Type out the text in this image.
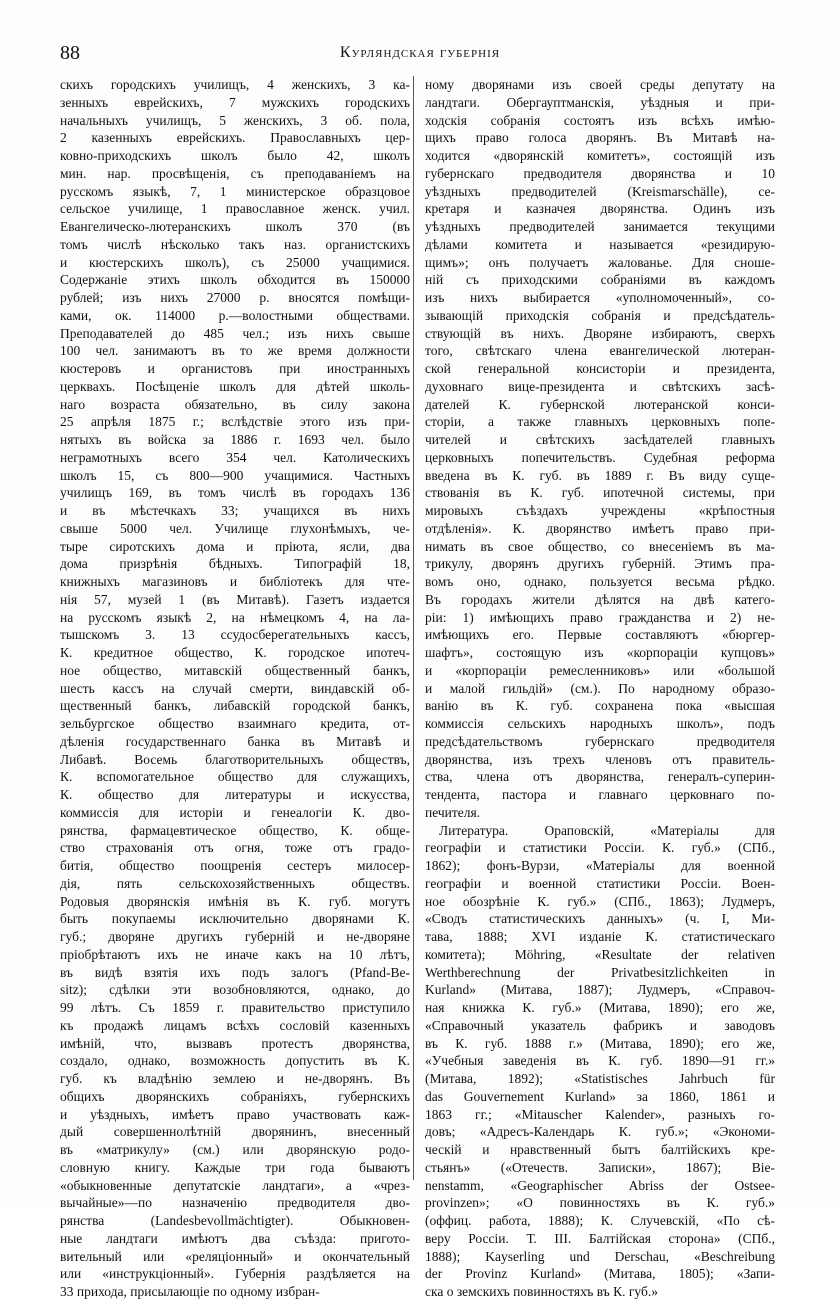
88	Курляндская губернія
скихъ городскихъ училищъ, 4 женскихъ, 3 ка-
зенныхъ еврейскихъ, 7 мужскихъ городскихъ
начальныхъ училищъ, 5 женскихъ, 3 об. пола,
2 казенныхъ еврейскихъ. Православныхъ цер-
ковно-приходскихъ школъ было 42, школъ
мин. нар. просвѣщенія, съ преподаваніемъ на
русскомъ языкѣ, 7, 1 министерское образцовое
сельское училище, 1 православное женск. учил.
Евангелическо-лютеранскихъ школъ 370 (въ
томъ числѣ нѣсколько такъ наз. органистскихъ
и кюстерскихъ школъ), съ 25000 учащимися.
Содержаніе этихъ школъ обходится въ 150000
рублей; изъ нихъ 27000 р. вносятся помѣщи-
ками, ок. 114000 р.—волостными обществами.
Преподавателей до 485 чел.; изъ нихъ свыше
100 чел. занимаютъ въ то же время должности
кюстеровъ и органистовъ при иностранныхъ
церквахъ. Посѣщеніе школъ для дѣтей школь-
наго возраста обязательно, въ силу закона
25 апрѣля 1875 г.; вслѣдствіе этого изъ при-
нятыхъ въ войска за 1886 г. 1693 чел. было
неграмотныхъ всего 354 чел. Католическихъ
школъ 15, съ 800—900 учащимися. Частныхъ
училищъ 169, въ томъ числѣ въ городахъ 136
и въ мѣстечкахъ 33; учащихся въ нихъ
свыше 5000 чел. Училище глухонѣмыхъ, че-
тыре сиротскихъ дома и пріюта, ясли, два
дома призрѣнія бѣдныхъ. Типографій 18,
книжныхъ магазиновъ и библіотекъ для чте-
нія 57, музей 1 (въ Митавѣ). Газетъ издается
на русскомъ языкѣ 2, на нѣмецкомъ 4, на ла-
тышскомъ 3. 13 ссудосберегательныхъ кассъ,
К. кредитное общество, К. городское ипотеч-
ное общество, митавскій общественный банкъ,
шесть кассъ на случай смерти, виндавскій об-
щественный банкъ, либавскій городской банкъ,
зельбургское общество взаимнаго кредита, от-
дѣленія государственнаго банка въ Митавѣ и
Либавѣ. Восемь благотворительныхъ обществъ,
К. вспомогательное общество для служащихъ,
К. общество для литературы и искусства,
коммиссія для исторіи и генеалогіи К. дво-
рянства, фармацевтическое общество, К. обще-
ство страхованія отъ огня, тоже отъ градо-
битія, общество поощренія сестеръ милосер-
дія, пять сельскохозяйственныхъ обществъ.
Родовыя дворянскія имѣнія въ К. губ. могутъ
быть покупаемы исключительно дворянами К.
губ.; дворяне другихъ губерній и не-дворяне
пріобрѣтаютъ ихъ не иначе какъ на 10 лѣтъ,
въ видѣ взятія ихъ подъ залогъ (Pfand-Be-
sitz); сдѣлки эти возобновляются, однако, до
99 лѣтъ. Съ 1859 г. правительство приступило
къ продажѣ лицамъ всѣхъ сословій казенныхъ
имѣній, что, вызвавъ протестъ дворянства,
создало, однако, возможность допустить въ К.
губ. къ владѣнію землею и не-дворянъ. Въ
общихъ дворянскихъ собраніяхъ, губернскихъ
и уѣздныхъ, имѣетъ право участвовать каж-
дый совершеннолѣтній дворянинъ, внесенный
въ «матрикулу» (см.) или дворянскую родо-
словную книгу. Каждые три года бываютъ
«обыкновенные депутатскіе ландтаги», а «чрез-
вычайные»—по назначенію предводителя дво-
рянства (Landesbevollmächtigter). Обыкновен-
ные ландтаги имѣютъ два съѣзда: пригото-
вительный или «реляціонный» и окончательный
или «инструкціонный». Губернія раздѣляется на
33 прихода, присылающіе по одному избран-
ному дворянами изъ своей среды депутату на
ландтаги. Обергауптманскія, уѣздныя и при-
ходскія собранія состоятъ изъ всѣхъ имѣю-
щихъ право голоса дворянъ. Въ Митавѣ на-
ходится «дворянскій комитетъ», состоящій изъ
губернскаго предводителя дворянства и 10
уѣздныхъ предводителей (Kreismarschälle), се-
кретаря и казначея дворянства. Одинъ изъ
уѣздныхъ предводителей занимается текущими
дѣлами комитета и называется «резидирую-
щимъ»; онъ получаетъ жалованье. Для сноше-
ній съ приходскими собраніями въ каждомъ
изъ нихъ выбирается «уполномоченный», со-
зывающій приходскія собранія и предсѣдатель-
ствующій въ нихъ. Дворяне избираютъ, сверхъ
того, свѣтскаго члена евангелической лютеран-
ской генеральной консисторіи и президента,
духовнаго вице-президента и свѣтскихъ засѣ-
дателей К. губернской лютеранской конси-
сторіи, а также главныхъ церковныхъ попе-
чителей и свѣтскихъ засѣдателей главныхъ
церковныхъ попечительствъ. Судебная реформа
введена въ К. губ. въ 1889 г. Въ виду суще-
ствованія въ К. губ. ипотечной системы, при
мировыхъ съѣздахъ учреждены «крѣпостныя
отдѣленія». К. дворянство имѣетъ право при-
нимать въ свое общество, со внесеніемъ въ ма-
трикулу, дворянъ другихъ губерній. Этимъ пра-
вомъ оно, однако, пользуется весьма рѣдко.
Въ городахъ жители дѣлятся на двѣ катего-
ріи: 1) имѣющихъ право гражданства и 2) не-
имѣющихъ его. Первые составляютъ «бюргер-
шафтъ», состоящую изъ «корпораціи купцовъ»
и «корпораціи ремесленниковъ» или «большой
и малой гильдій» (см.). По народному образо-
ванію въ К. губ. сохранена пока «высшая
коммиссія сельскихъ народныхъ школъ», подъ
предсѣдательствомъ губернскаго предводителя
дворянства, изъ трехъ членовъ отъ правитель-
ства, члена отъ дворянства, генералъ-суперин-
тендента, пастора и главнаго церковнаго по-
печителя.
Литература. Ораповскій, «Матеріалы для
географіи и статистики Россіи. К. губ.» (СПб.,
1862); фонъ-Вурзи, «Матеріалы для военной
географіи и военной статистики Россіи. Воен-
ное обозрѣніе К. губ.» (СПб., 1863); Лудмеръ,
«Сводъ статистическихъ данныхъ» (ч. I, Ми-
тава, 1888; XVI изданіе К. статистическаго
комитета); Möhring, «Resultate der relativen
Werthberechnung der Privatbesitzlichkeiten in
Kurland» (Митава, 1887); Лудмеръ, «Справоч-
ная книжка К. губ.» (Митава, 1890); его же,
«Справочный указатель фабрикъ и заводовъ
въ К. губ. 1888 г.» (Митава, 1890); его же,
«Учебныя заведенія въ К. губ. 1890—91 гг.»
(Митава, 1892); «Statistisches Jahrbuch für
das Gouvernement Kurland» за 1860, 1861 и
1863 гг.; «Mitauscher Kalender», разныхъ го-
довъ; «Адресъ-Календарь К. губ.»; «Экономи-
ческій и нравственный бытъ балтійскихъ кре-
стьянъ» («Отечеств. Записки», 1867); Bie-
nenstamm, «Geographischer Abriss der Ostsee-
provinzen»; «О повинностяхъ въ К. губ.»
(оффиц. работа, 1888); К. Случевскій, «По сѣ-
веру Россіи. Т. III. Балтійская сторона» (СПб.,
1888); Kayserling und Derschau, «Beschreibung
der Provinz Kurland» (Митава, 1805); «Запи-
ска о земскихъ повинностяхъ въ К. губ.»
